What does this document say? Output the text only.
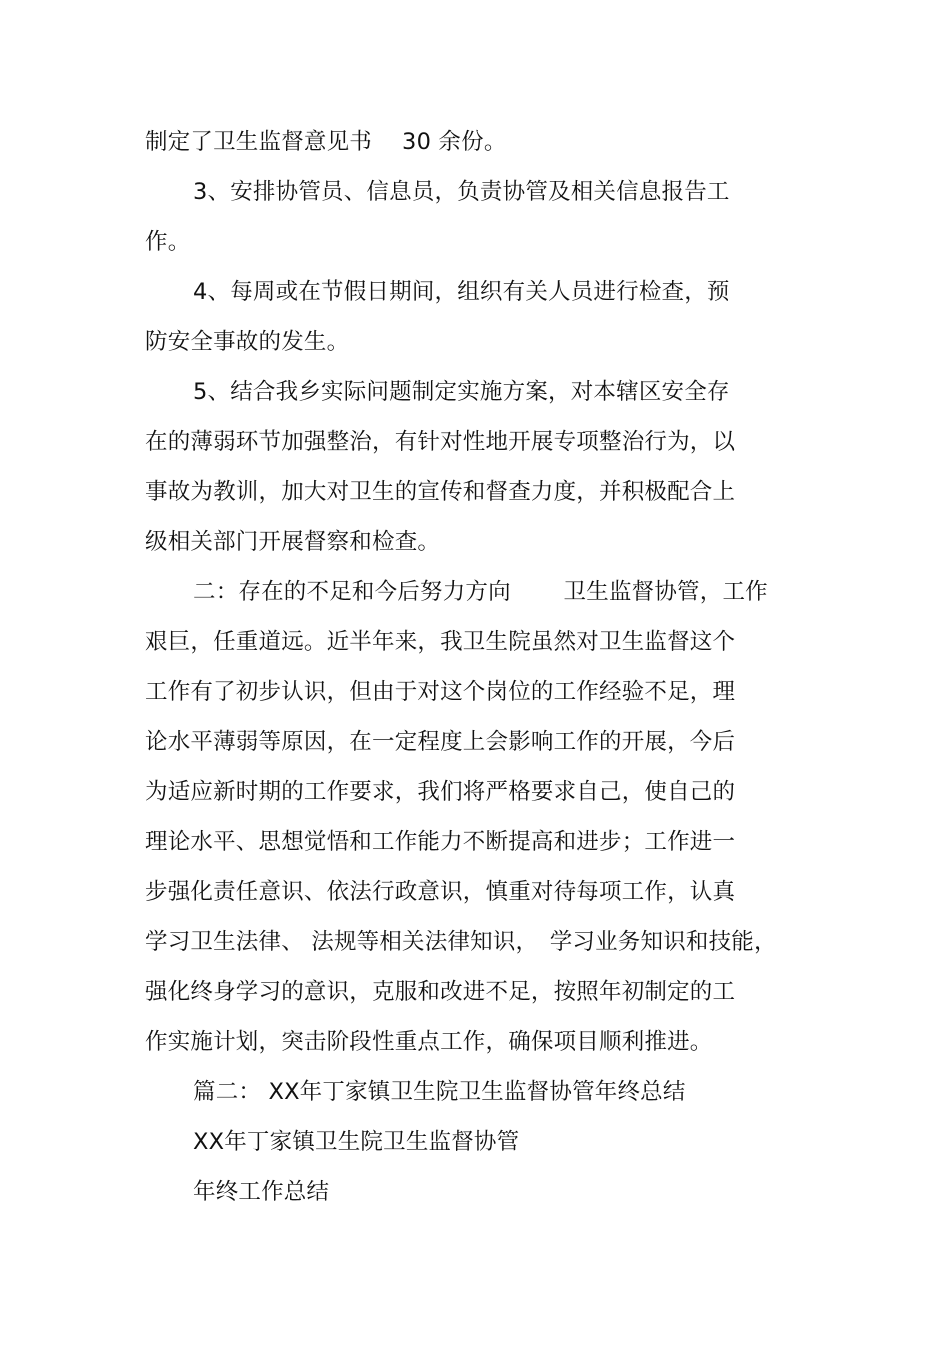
制定了卫生监督意见书　 30 余份。
3、安排协管员、信息员，负责协管及相关信息报告工
作。
4、每周或在节假日期间，组织有关人员进行检查，预
防安全事故的发生。
5、结合我乡实际问题制定实施方案，对本辖区安全存
在的薄弱环节加强整治，有针对性地开展专项整治行为，以
事故为教训，加大对卫生的宣传和督查力度，并积极配合上
级相关部门开展督察和检查。
二：存在的不足和今后努力方向　　 卫生监督协管，工作
艰巨，任重道远。近半年来，我卫生院虽然对卫生监督这个
工作有了初步认识，但由于对这个岗位的工作经验不足，理
论水平薄弱等原因，在一定程度上会影响工作的开展，今后
为适应新时期的工作要求，我们将严格要求自己，使自己的
理论水平、思想觉悟和工作能力不断提高和进步；工作进一
步强化责任意识、依法行政意识，慎重对待每项工作，认真
学习卫生法律、 法规等相关法律知识，　学习业务知识和技能，
强化终身学习的意识，克服和改进不足，按照年初制定的工
作实施计划，突击阶段性重点工作，确保项目顺利推进。
篇二： XX年丁家镇卫生院卫生监督协管年终总结
XX年丁家镇卫生院卫生监督协管
年终工作总结
